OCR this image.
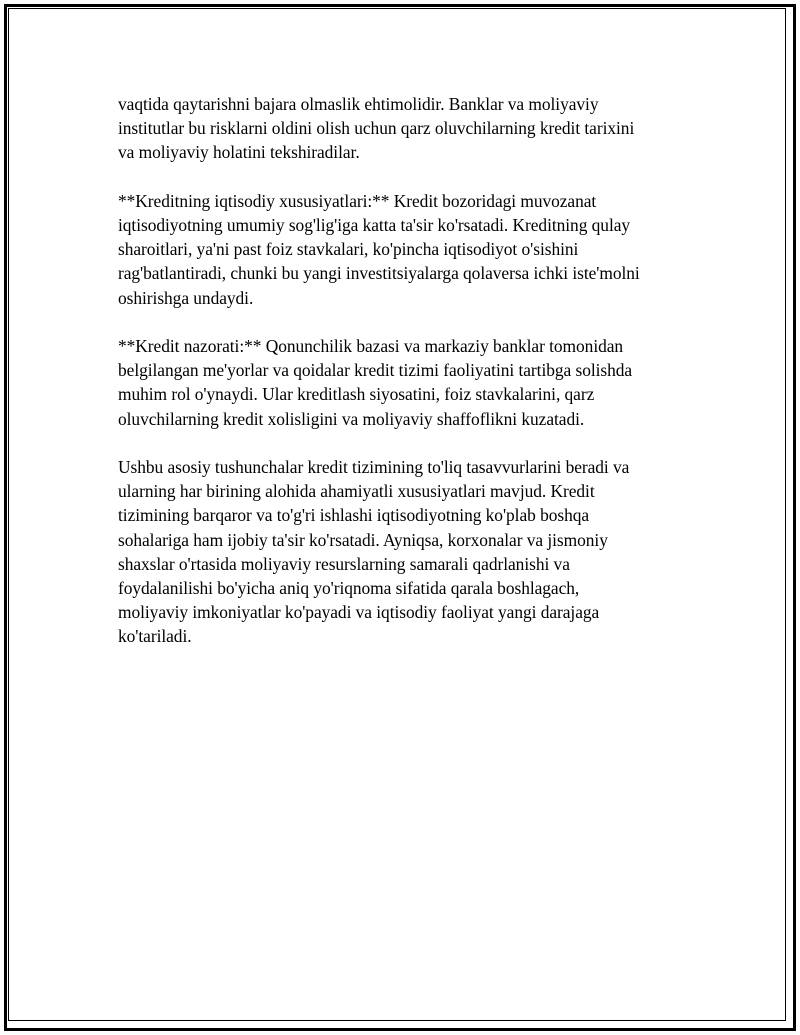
vaqtida qaytarishni bajara olmaslik ehtimolidir. Banklar va moliyaviy
institutlar bu risklarni oldini olish uchun qarz oluvchilarning kredit tarixini
va moliyaviy holatini tekshiradilar.

**Kreditning iqtisodiy xususiyatlari:** Kredit bozoridagi muvozanat
iqtisodiyotning umumiy sog'lig'iga katta ta'sir ko'rsatadi. Kreditning qulay
sharoitlari, ya'ni past foiz stavkalari, ko'pincha iqtisodiyot o'sishini
rag'batlantiradi, chunki bu yangi investitsiyalarga qolaversa ichki iste'molni
oshirishga undaydi.

**Kredit nazorati:** Qonunchilik bazasi va markaziy banklar tomonidan
belgilangan me'yorlar va qoidalar kredit tizimi faoliyatini tartibga solishda
muhim rol o'ynaydi. Ular kreditlash siyosatini, foiz stavkalarini, qarz
oluvchilarning kredit xolisligini va moliyaviy shaffoflikni kuzatadi.

Ushbu asosiy tushunchalar kredit tizimining to'liq tasavvurlarini beradi va
ularning har birining alohida ahamiyatli xususiyatlari mavjud. Kredit
tizimining barqaror va to'g'ri ishlashi iqtisodiyotning ko'plab boshqa
sohalariga ham ijobiy ta'sir ko'rsatadi. Ayniqsa, korxonalar va jismoniy
shaxslar o'rtasida moliyaviy resurslarning samarali qadrlanishi va
foydalanilishi bo'yicha aniq yo'riqnoma sifatida qarala boshlagach,
moliyaviy imkoniyatlar ko'payadi va iqtisodiy faoliyat yangi darajaga
ko'tariladi.
